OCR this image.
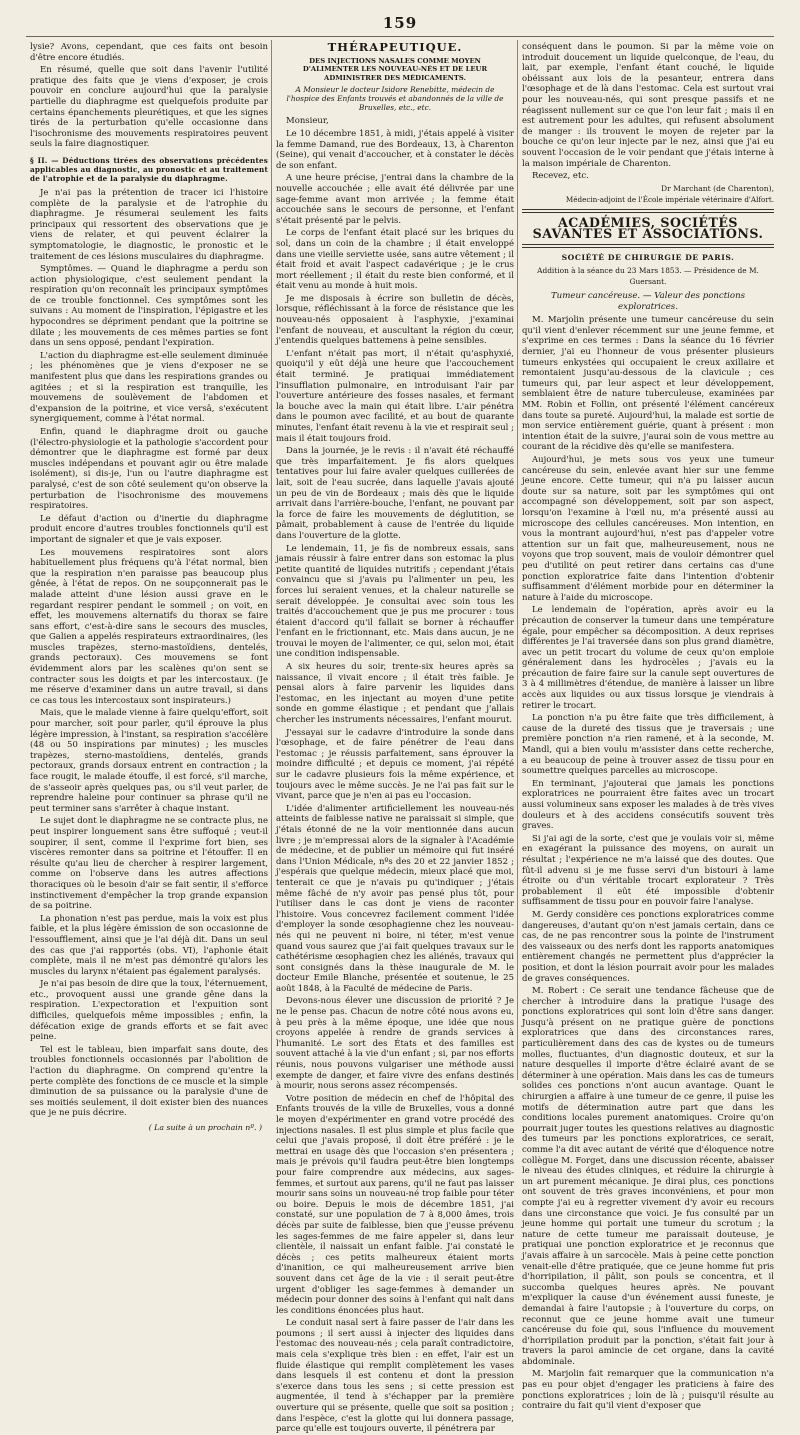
159

lysie? Avons, cependant, que ces faits ont besoin d'être encore étudiés.

En résumé, quelle que soit dans l'avenir l'utilité pratique des faits que je viens d'exposer, je crois pouvoir en conclure aujourd'hui que la paralysie partielle du diaphragme est quelquefois produite par certains épanchements pleurétiques, et que les signes tirés de la perturbation qu'elle occasionne dans l'isochronisme des mouvements respiratoires peuvent seuls la faire diagnostiquer.

§ II. — Déductions tirées des observations précédentes applicables au diagnostic, au pronostic et au traitement de l'atrophie et de la paralysie du diaphragme.

Je n'ai pas la prétention de tracer ici l'histoire complète de la paralysie et de l'atrophie du diaphragme. Je résumerai seulement les faits principaux qui ressortent des observations que je viens de relater, et qui peuvent éclairer la symptomatologie, le diagnostic, le pronostic et le traitement de ces lésions musculaires du diaphragme.

Symptômes. — Quand le diaphragme a perdu son action physiologique, c'est seulement pendant la respiration qu'on reconnaît les principaux symptômes de ce trouble fonctionnel. Ces symptômes sont les suivans : Au moment de l'inspiration, l'épigastre et les hypocondres se dépriment pendant que la poitrine se dilate ; les mouvements de ces mêmes parties se font dans un sens opposé, pendant l'expiration.

L'action du diaphragme est-elle seulement diminuée ; les phénomènes que je viens d'exposer ne se manifestent plus que dans les respirations grandes ou agitées ; et si la respiration est tranquille, les mouvemens de soulèvement de l'abdomen et d'expansion de la poitrine, et vice versâ, s'exécutent synergiquement, comme à l'état normal.

Enfin, quand le diaphragme droit ou gauche (l'électro-physiologie et la pathologie s'accordent pour démontrer que le diaphragme est formé par deux muscles indépendans et pouvant agir ou être malade isolément), si dis-je, l'un ou l'autre diaphragme est paralysé, c'est de son côté seulement qu'on observe la perturbation de l'isochronisme des mouvemens respiratoires.

Le défaut d'action ou d'inertie du diaphragme produit encore d'autres troubles fonctionnels qu'il est important de signaler et que je vais exposer.

Les mouvemens respiratoires sont alors habituellement plus fréquens qu'à l'état normal, bien que la respiration n'en paraisse pas beaucoup plus gênée, à l'état de repos. On ne soupçonnerait pas le malade atteint d'une lésion aussi grave en le regardant respirer pendant le sommeil ; on voit, en effet, les mouvemens alternatifs du thorax se faire sans effort, c'est-à-dire sans le secours des muscles, que Galien a appelés respirateurs extraordinaires, (les muscles trapèzes, sterno-mastoïdiens, dentelés, grands pectoraux). Ces mouvemens se font évidemment alors par les scalènes qu'on sent se contracter sous les doigts et par les intercostaux. (Je me réserve d'examiner dans un autre travail, si dans ce cas tous les intercostaux sont inspirateurs.)

Mais, que le malade vienne à faire quelqu'effort, soit pour marcher, soit pour parler, qu'il éprouve la plus légère impression, à l'instant, sa respiration s'accélère (48 ou 50 inspirations par minutes) ; les muscles trapèzes, sterno-mastoïdiens, dentelés, grands pectoraux, grands dorsaux entrent en contraction ; la face rougit, le malade étouffe, il est forcé, s'il marche, de s'asseoir après quelques pas, ou s'il veut parler, de reprendre haleine pour continuer sa phrase qu'il ne peut terminer sans s'arrêter à chaque instant.

Le sujet dont le diaphragme ne se contracte plus, ne peut inspirer longuement sans être suffoqué ; veut-il soupirer, il sent, comme il l'exprime fort bien, ses viscères remonter dans sa poitrine et l'étouffer. Il en résulte qu'au lieu de chercher à respirer largement, comme on l'observe dans les autres affections thoraciques où le besoin d'air se fait sentir, il s'efforce instinctivement d'empêcher la trop grande expansion de sa poitrine.

La phonation n'est pas perdue, mais la voix est plus faible, et la plus légère émission de son occasionne de l'essoufflement, ainsi que je l'ai déjà dit. Dans un seul des cas que j'ai rapportés (obs. VI), l'aphonie était complète, mais il ne m'est pas démontré qu'alors les muscles du larynx n'étaient pas également paralysés.

Je n'ai pas besoin de dire que la toux, l'éternuement, etc., provoquent aussi une grande gêne dans la respiration. L'expectoration et l'expuition sont difficiles, quelquefois même impossibles ; enfin, la défécation exige de grands efforts et se fait avec peine.

Tel est le tableau, bien imparfait sans doute, des troubles fonctionnels occasionnés par l'abolition de l'action du diaphragme. On comprend qu'entre la perte complète des fonctions de ce muscle et la simple diminution de sa puissance ou la paralysie d'une de ses moitiés seulement, il doit exister bien des nuances que je ne puis décrire.

( La suite à un prochain nº. )
THÉRAPEUTIQUE.
DES INJECTIONS NASALES COMME MOYEN D'ALIMENTER LES NOUVEAU-NÉS ET DE LEUR ADMINISTRER DES MÉDICAMENTS.
A Monsieur le docteur Isidore Renebitte, médecin de l'hospice des Enfants trouvés et abandonnés de la ville de Bruxelles, etc., etc.

Monsieur,

Le 10 décembre 1851, à midi, j'étais appelé à visiter la femme Damand, rue des Bordeaux, 13, à Charenton (Seine), qui venait d'accoucher, et à constater le décès de son enfant.

A une heure précise, j'entrai dans la chambre de la nouvelle accouchée ; elle avait été délivrée par une sage-femme avant mon arrivée ; la femme était accouchée sans le secours de personne, et l'enfant s'était présenté par le pelvis.

Le corps de l'enfant était placé sur les briques du sol, dans un coin de la chambre ; il était enveloppé dans une vieille serviette usée, sans autre vêtement ; il était froid et avait l'aspect cadavérique ; je le crus mort réellement ; il était du reste bien conformé, et il était venu au monde à huit mois.

Je me disposais à écrire son bulletin de décès, lorsque, réfléchissant à la force de résistance que les nouveau-nés opposaient à l'asphyxie, j'examinai l'enfant de nouveau, et auscultant la région du cœur, j'entendis quelques battemens à peine sensibles.

L'enfant n'était pas mort, il n'était qu'asphyxié, quoiqu'il y eût déjà une heure que l'accouchement était terminé. Je pratiquai immédiatement l'insufflation pulmonaire, en introduisant l'air par l'ouverture antérieure des fosses nasales, et fermant la bouche avec la main qui était libre. L'air pénétra dans le poumon avec facilité, et au bout de quarante minutes, l'enfant était revenu à la vie et respirait seul ; mais il était toujours froid.

Dans la journée, je le revis : il n'avait été réchauffé que très imparfaitement. Je fis alors quelques tentatives pour lui faire avaler quelques cuillerées de lait, soit de l'eau sucrée, dans laquelle j'avais ajouté un peu de vin de Bordeaux ; mais dès que le liquide arrivait dans l'arrière-bouche, l'enfant, ne pouvant par la force de faire les mouvements de déglutition, se pâmait, probablement à cause de l'entrée du liquide dans l'ouverture de la glotte.

Le lendemain, 11, je fis de nombreux essais, sans jamais réussir à faire entrer dans son estomac la plus petite quantité de liquides nutritifs ; cependant j'étais convaincu que si j'avais pu l'alimenter un peu, les forces lui seraient venues, et la chaleur naturelle se serait développée. Je consultai avec soin tous les traités d'accouchement que je pus me procurer : tous étaient d'accord qu'il fallait se borner à réchauffer l'enfant en le frictionnant, etc. Mais dans aucun, je ne trouvai le moyen de l'alimenter, ce qui, selon moi, était une condition indispensable.

A six heures du soir, trente-six heures après sa naissance, il vivait encore ; il était très faible. Je pensai alors à faire parvenir les liquides dans l'estomac, en les injectant au moyen d'une petite sonde en gomme élastique ; et pendant que j'allais chercher les instruments nécessaires, l'enfant mourut.

J'essayai sur le cadavre d'introduire la sonde dans l'œsophage, et de faire pénétrer de l'eau dans l'estomac ; je réussis parfaitement, sans éprouver la moindre difficulté ; et depuis ce moment, j'ai répété sur le cadavre plusieurs fois la même expérience, et toujours avec le même succès. Je ne l'ai pas fait sur le vivant, parce que je n'en ai pas eu l'occasion.

L'idée d'alimenter artificiellement les nouveau-nés atteints de faiblesse native ne paraissait si simple, que j'étais étonné de ne la voir mentionnée dans aucun livre ; je m'empressai alors de la signaler à l'Académie de médecine, et de publier un mémoire qui fut inséré dans l'Union Médicale, nºs des 20 et 22 janvier 1852 ; j'espérais que quelque médecin, mieux placé que moi, tenterait ce que je n'avais pu qu'indiquer ; j'étais même fâché de n'y avoir pas pensé plus tôt, pour l'utiliser dans le cas dont je viens de raconter l'histoire. Vous concevrez facilement comment l'idée d'employer la sonde œsophagienne chez les nouveau-nés qui ne peuvent ni boire, ni téter, m'est venue quand vous saurez que j'ai fait quelques travaux sur le cathétérisme œsophagien chez les aliénés, travaux qui sont consignés dans la thèse inaugurale de M. le docteur Emile Blanche, présentée et soutenue, le 25 août 1848, à la Faculté de médecine de Paris.

Devons-nous élever une discussion de priorité ? Je ne le pense pas. Chacun de notre côté nous avons eu, à peu près à la même époque, une idée que nous croyons appelée à rendre de grands services à l'humanité. Le sort des États et des familles est souvent attaché à la vie d'un enfant ; si, par nos efforts réunis, nous pouvons vulgariser une méthode aussi exempte de danger, et faire vivre des enfans destinés à mourir, nous serons assez récompensés.

Votre position de médecin en chef de l'hôpital des Enfants trouvés de la ville de Bruxelles, vous a donné le moyen d'expérimenter en grand votre procédé des injections nasales. Il est plus simple et plus facile que celui que j'avais proposé, il doit être préféré : je le mettrai en usage dès que l'occasion s'en présentera ; mais je prévois qu'il faudra peut-être bien longtemps pour faire comprendre aux médecins, aux sages-femmes, et surtout aux parens, qu'il ne faut pas laisser mourir sans soins un nouveau-né trop faible pour téter ou boire. Depuis le mois de décembre 1851, j'ai constaté, sur une population de 7 à 8,000 âmes, trois décès par suite de faiblesse, bien que j'eusse prévenu les sages-femmes de me faire appeler si, dans leur clientèle, il naissait un enfant faible. J'ai constaté le décès ; ces petits malheureux étaient morts d'inanition, ce qui malheureusement arrive bien souvent dans cet âge de la vie : il serait peut-être urgent d'obliger les sage-femmes à demander un médecin pour donner des soins à l'enfant qui naît dans les conditions énoncées plus haut.

Le conduit nasal sert à faire passer de l'air dans les poumons ; il sert aussi à injecter des liquides dans l'estomac des nouveau-nés ; cela paraît contradictoire, mais cela s'explique très bien : en effet, l'air est un fluide élastique qui remplit complètement les vases dans lesquels il est contenu et dont la pression s'exerce dans tous les sens ; si cette pression est augmentée, il tend à s'échapper par la première ouverture qui se présente, quelle que soit sa position ; dans l'espèce, c'est la glotte qui lui donnera passage, parce qu'elle est toujours ouverte, il pénétrera par

conséquent dans le poumon. Si par la même voie on introduit doucement un liquide quelconque, de l'eau, du lait, par exemple, l'enfant étant couché, le liquide obéissant aux lois de la pesanteur, entrera dans l'œsophage et de là dans l'estomac. Cela est surtout vrai pour les nouveau-nés, qui sont presque passifs et ne réagissent nullement sur ce que l'on leur fait ; mais il en est autrement pour les adultes, qui refusent absolument de manger : ils trouvent le moyen de rejeter par la bouche ce qu'on leur injecte par le nez, ainsi que j'ai eu souvent l'occasion de le voir pendant que j'étais interne à la maison impériale de Charenton.

Recevez, etc.

Dr Marchant (de Charenton),
Médecin-adjoint de l'École impériale vétérinaire d'Alfort.
ACADÉMIES, SOCIÉTÉS SAVANTES ET ASSOCIATIONS.
SOCIÉTÉ DE CHIRURGIE DE PARIS.
Addition à la séance du 23 Mars 1853. — Présidence de M. Guersant.
Tumeur cancéreuse. — Valeur des ponctions exploratrices.

M. Marjolin présente une tumeur cancéreuse du sein qu'il vient d'enlever récemment sur une jeune femme, et s'exprime en ces termes : Dans la séance du 16 février dernier, j'ai eu l'honneur de vous présenter plusieurs tumeurs enkystées qui occupaient le creux axillaire et remontaient jusqu'au-dessous de la clavicule ; ces tumeurs qui, par leur aspect et leur développement, semblaient être de nature tuberculeuse, examinées par MM. Robin et Follin, ont présenté l'élément cancéreux dans toute sa pureté. Aujourd'hui, la malade est sortie de mon service entièrement guérie, quant à présent : mon intention était de la suivre, j'aurai soin de vous mettre au courant de la récidive dès qu'elle se manifestera.

Aujourd'hui, je mets sous vos yeux une tumeur cancéreuse du sein, enlevée avant hier sur une femme jeune encore. Cette tumeur, qui n'a pu laisser aucun doute sur sa nature, soit par les symptômes qui ont accompagné son développement, soit par son aspect, lorsqu'on l'examine à l'œil nu, m'a présenté aussi au microscope des cellules cancéreuses. Mon intention, en vous la montrant aujourd'hui, n'est pas d'appeler votre attention sur un fait que, malheureusement, nous ne voyons que trop souvent, mais de vouloir démontrer quel peu d'utilité on peut retirer dans certains cas d'une ponction exploratrice faite dans l'intention d'obtenir suffisamment d'élément morbide pour en déterminer la nature à l'aide du microscope.

Le lendemain de l'opération, après avoir eu la précaution de conserver la tumeur dans une température égale, pour empêcher sa décomposition. A deux reprises différentes je l'ai traversée dans son plus grand diamètre, avec un petit trocart du volume de ceux qu'on emploie généralement dans les hydrocèles ; j'avais eu la précaution de faire faire sur la canule sept ouvertures de 3 à 4 millimètres d'étendue, de manière à laisser un libre accès aux liquides ou aux tissus lorsque je viendrais à retirer le trocart.

La ponction n'a pu être faite que très difficilement, à cause de la dureté des tissus que je traversais ; une première ponction n'a rien ramené, et à la seconde, M. Mandl, qui a bien voulu m'assister dans cette recherche, a eu beaucoup de peine à trouver assez de tissu pour en soumettre quelques parcelles au microscope.

En terminant, j'ajouterai que jamais les ponctions exploratrices ne pourraient être faites avec un trocart aussi volumineux sans exposer les malades à de très vives douleurs et à des accidens consécutifs souvent très graves.

Si j'ai agi de la sorte, c'est que je voulais voir si, même en exagérant la puissance des moyens, on aurait un résultat ; l'expérience ne m'a laissé que des doutes. Que fût-il advenu si je me fusse servi d'un bistouri à lame étroite ou d'un véritable trocart explorateur ? Très probablement il eût été impossible d'obtenir suffisamment de tissu pour en pouvoir faire l'analyse.

M. Gerdy considère ces ponctions exploratrices comme dangereuses, d'autant qu'on n'est jamais certain, dans ce cas, de ne pas rencontrer sous la pointe de l'instrument des vaisseaux ou des nerfs dont les rapports anatomiques entièrement changés ne permettent plus d'apprécier la position, et dont la lésion pourrait avoir pour les malades de graves conséquences.

M. Robert : Ce serait une tendance fâcheuse que de chercher à introduire dans la pratique l'usage des ponctions exploratrices qui sont loin d'être sans danger. Jusqu'à présent on ne pratique guère de ponctions exploratrices que dans des circonstances rares, particulièrement dans des cas de kystes ou de tumeurs molles, fluctuantes, d'un diagnostic douteux, et sur la nature desquelles il importe d'être éclairé avant de se déterminer à une opération. Mais dans les cas de tumeurs solides ces ponctions n'ont aucun avantage. Quant le chirurgien a affaire à une tumeur de ce genre, il puise les motifs de détermination autre part que dans les conditions locales purement anatomiques. Croire qu'on pourrait juger toutes les questions relatives au diagnostic des tumeurs par les ponctions exploratrices, ce serait, comme l'a dit avec autant de vérité que d'éloquence notre collègue M. Forget, dans une discussion récente, abaisser le niveau des études cliniques, et réduire la chirurgie à un art purement mécanique. Je dirai plus, ces ponctions ont souvent de très graves inconvéniens, et pour mon compte j'ai eu à regretter vivement d'y avoir eu recours dans une circonstance que voici. Je fus consulté par un jeune homme qui portait une tumeur du scrotum ; la nature de cette tumeur me paraissait douteuse, je pratiquai une ponction exploratrice et je reconnus que j'avais affaire à un sarcocèle. Mais à peine cette ponction venait-elle d'être pratiquée, que ce jeune homme fut pris d'horripilation, il pâlit, son pouls se concentra, et il succomba quelques heures après. Ne pouvant m'expliquer la cause d'un événement aussi funeste, je demandai à faire l'autopsie ; à l'ouverture du corps, on reconnut que ce jeune homme avait une tumeur cancéreuse du foie qui, sous l'influence du mouvement d'horripilation produit par la ponction, s'était fait jour à travers la paroi amincie de cet organe, dans la cavité abdominale.

M. Marjolin fait remarquer que la communication n'a pas eu pour objet d'engager les praticiens à faire des ponctions exploratrices ; loin de là ; puisqu'il résulte au contraire du fait qu'il vient d'exposer que
